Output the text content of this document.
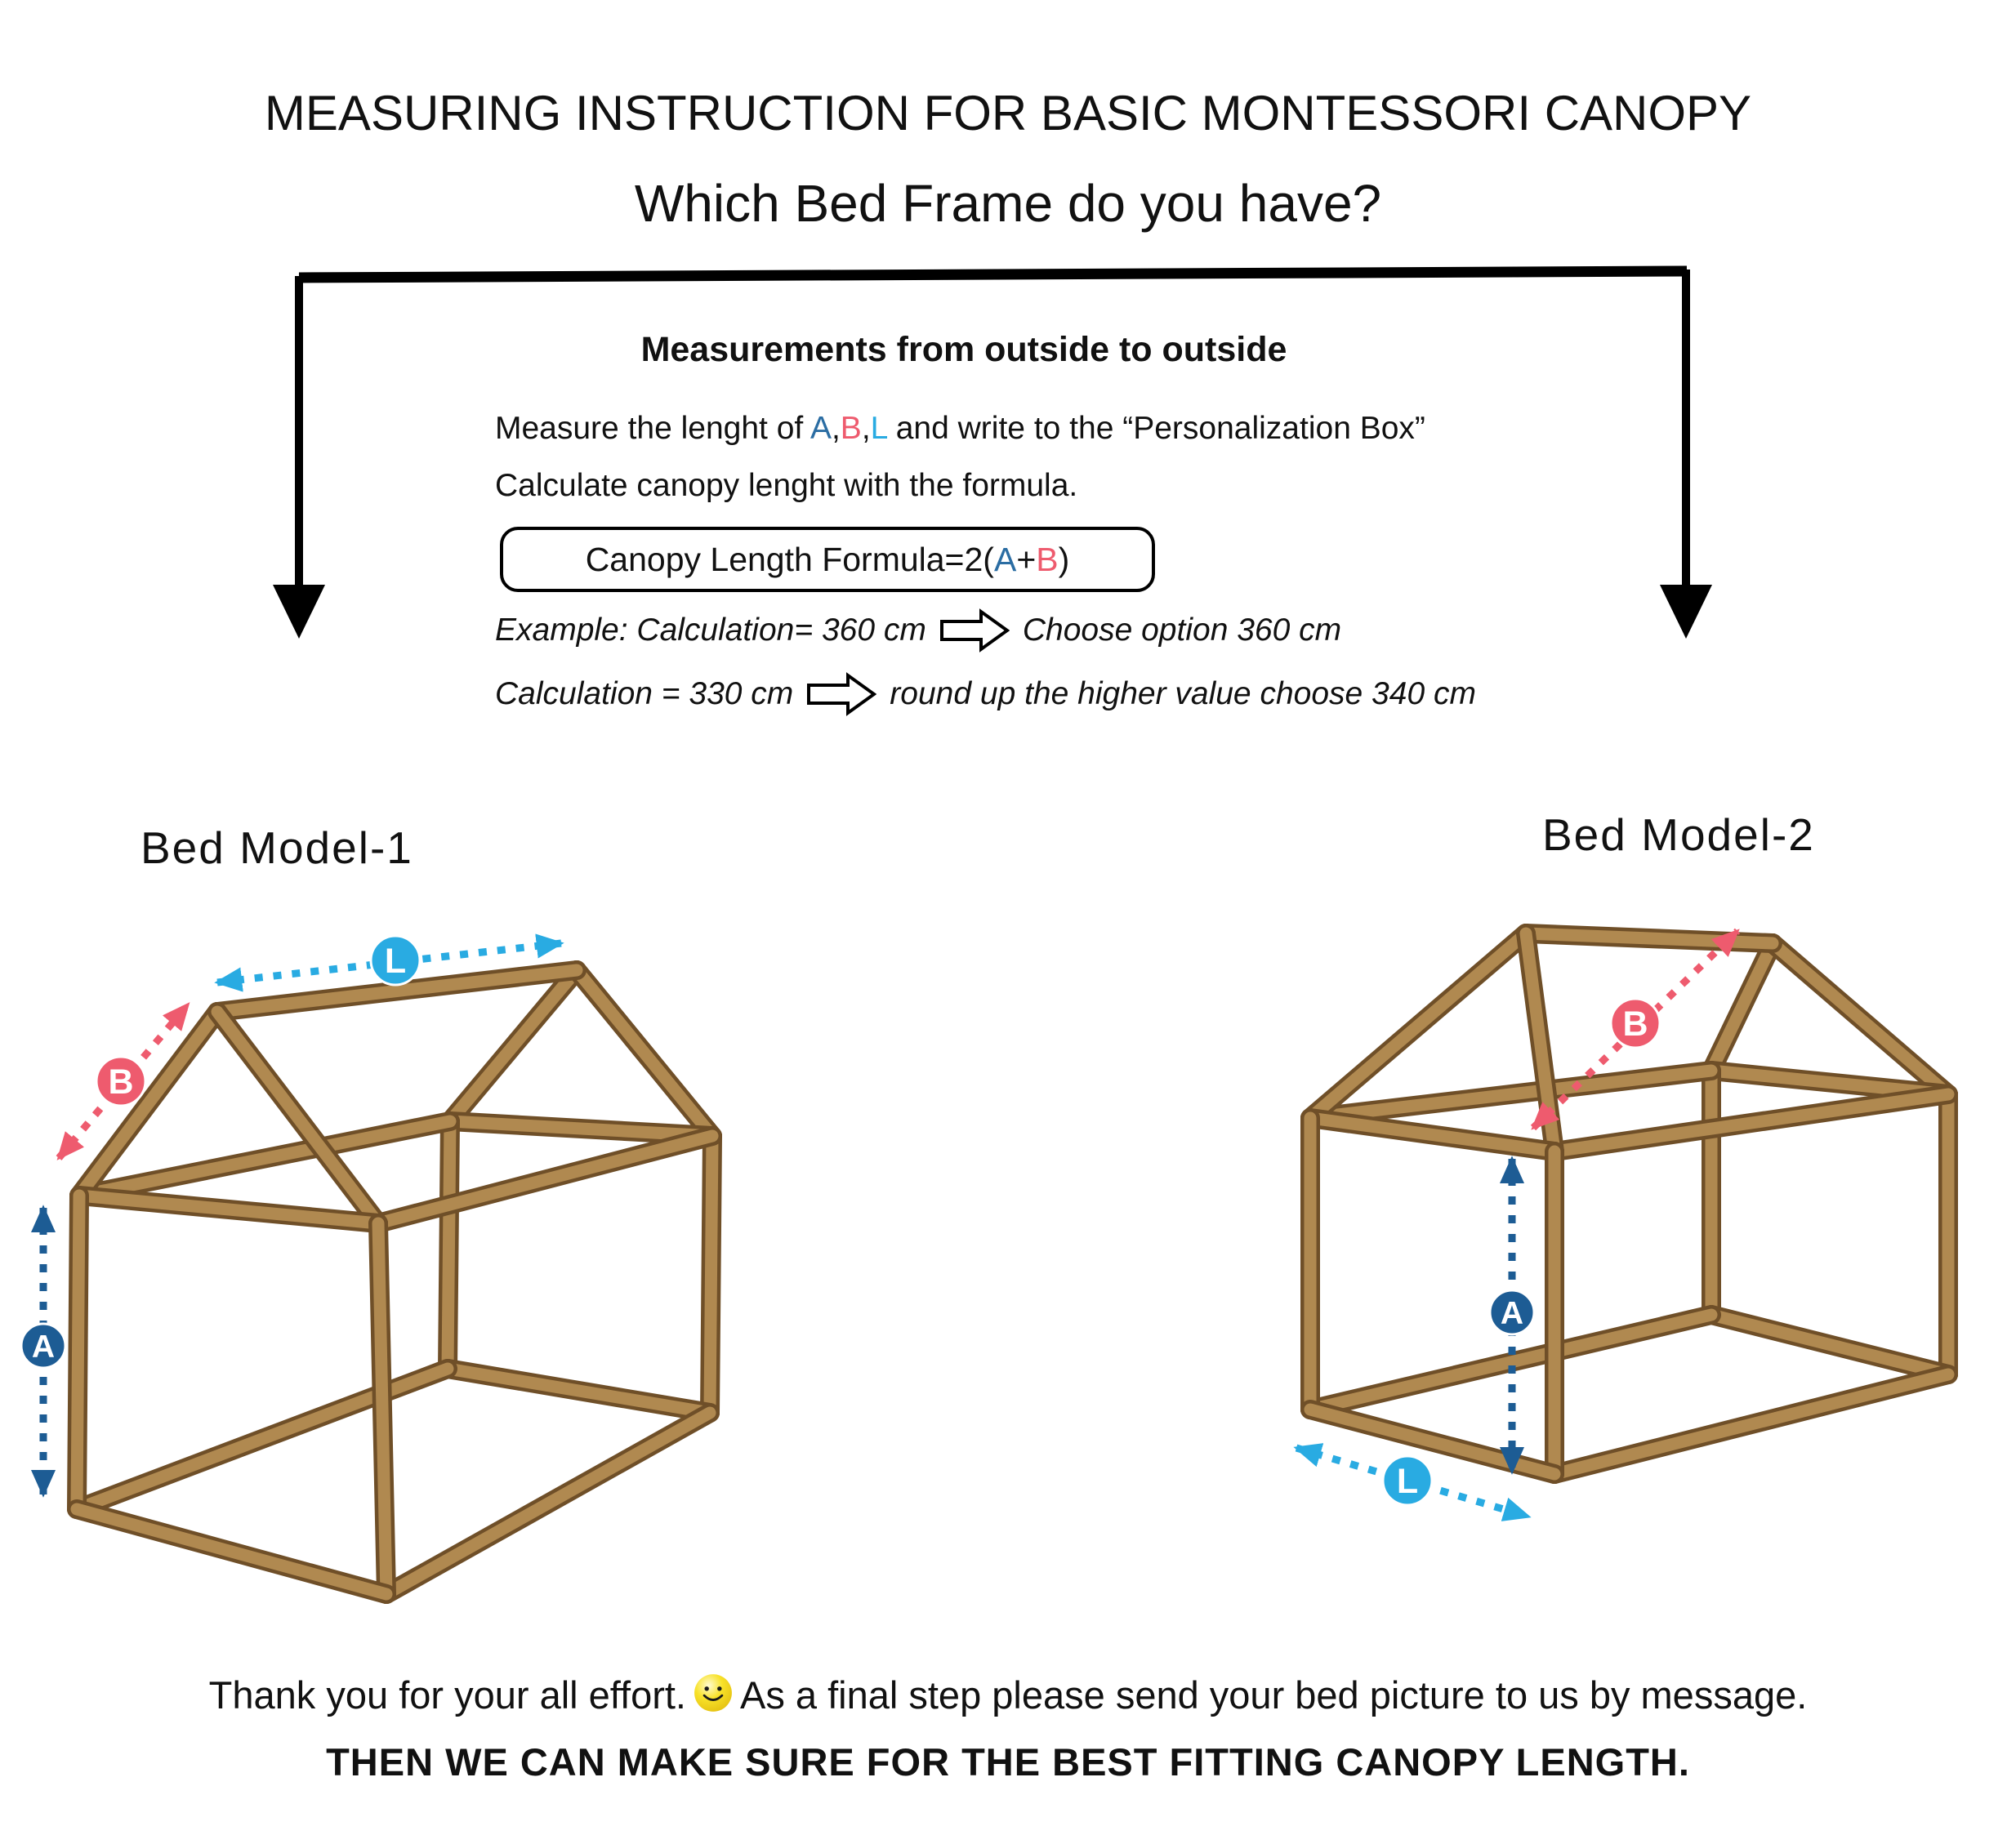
MEASURING INSTRUCTION FOR BASIC MONTESSORI CANOPY
Which Bed Frame do you have?
Measurements from outside to outside
Measure the lenght of A,B,L and write to the “Personalization Box”
Calculate canopy lenght with the formula.
Canopy Length Formula=2( A + B )
Example: Calculation= 360 cm	Choose option 360 cm
Calculation = 330 cm	round up the higher value choose 340 cm
Bed Model-1	Bed Model-2
L
B
A
B
A
L
Thank you for your all effort. As a final step please send your bed picture to us by message.
THEN WE CAN MAKE SURE FOR THE BEST FITTING CANOPY LENGTH.
